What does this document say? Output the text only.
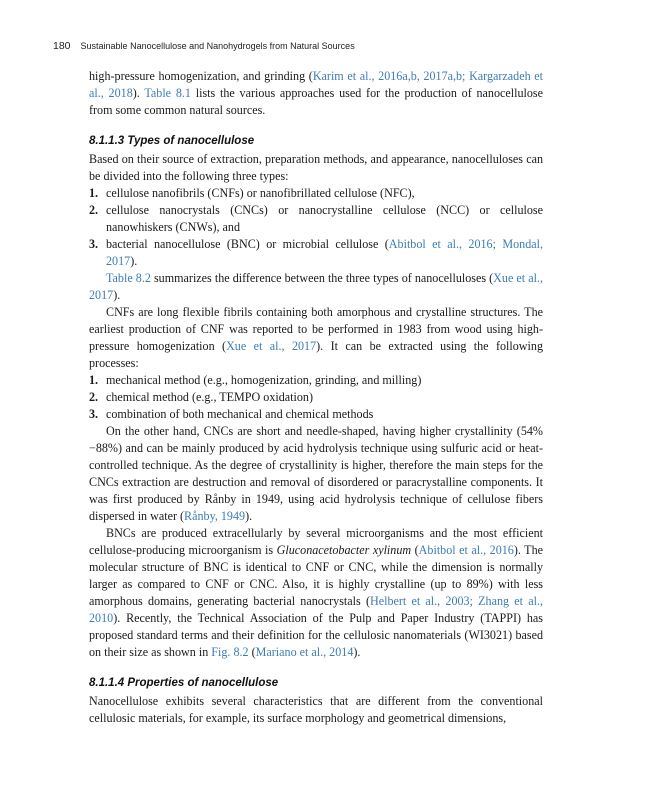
180 Sustainable Nanocellulose and Nanohydrogels from Natural Sources

high-pressure homogenization, and grinding (Karim et al., 2016a,b, 2017a,b; Kargarzadeh et al., 2018). Table 8.1 lists the various approaches used for the production of nanocellulose from some common natural sources.

8.1.1.3 Types of nanocellulose

Based on their source of extraction, preparation methods, and appearance, nanocelluloses can be divided into the following three types:

1. cellulose nanofibrils (CNFs) or nanofibrillated cellulose (NFC),
2. cellulose nanocrystals (CNCs) or nanocrystalline cellulose (NCC) or cellulose nanowhiskers (CNWs), and
3. bacterial nanocellulose (BNC) or microbial cellulose (Abitbol et al., 2016; Mondal, 2017).

Table 8.2 summarizes the difference between the three types of nanocelluloses (Xue et al., 2017).

CNFs are long flexible fibrils containing both amorphous and crystalline structures. The earliest production of CNF was reported to be performed in 1983 from wood using high-pressure homogenization (Xue et al., 2017). It can be extracted using the following processes:

1. mechanical method (e.g., homogenization, grinding, and milling)
2. chemical method (e.g., TEMPO oxidation)
3. combination of both mechanical and chemical methods

On the other hand, CNCs are short and needle-shaped, having higher crystallinity (54%−88%) and can be mainly produced by acid hydrolysis technique using sulfuric acid or heat-controlled technique. As the degree of crystallinity is higher, therefore the main steps for the CNCs extraction are destruction and removal of disordered or paracrystalline components. It was first produced by Rånby in 1949, using acid hydrolysis technique of cellulose fibers dispersed in water (Rånby, 1949).

BNCs are produced extracellularly by several microorganisms and the most efficient cellulose-producing microorganism is Gluconacetobacter xylinum (Abitbol et al., 2016). The molecular structure of BNC is identical to CNF or CNC, while the dimension is normally larger as compared to CNF or CNC. Also, it is highly crystalline (up to 89%) with less amorphous domains, generating bacterial nanocrystals (Helbert et al., 2003; Zhang et al., 2010). Recently, the Technical Association of the Pulp and Paper Industry (TAPPI) has proposed standard terms and their definition for the cellulosic nanomaterials (WI3021) based on their size as shown in Fig. 8.2 (Mariano et al., 2014).

8.1.1.4 Properties of nanocellulose

Nanocellulose exhibits several characteristics that are different from the conventional cellulosic materials, for example, its surface morphology and geometrical dimensions,
